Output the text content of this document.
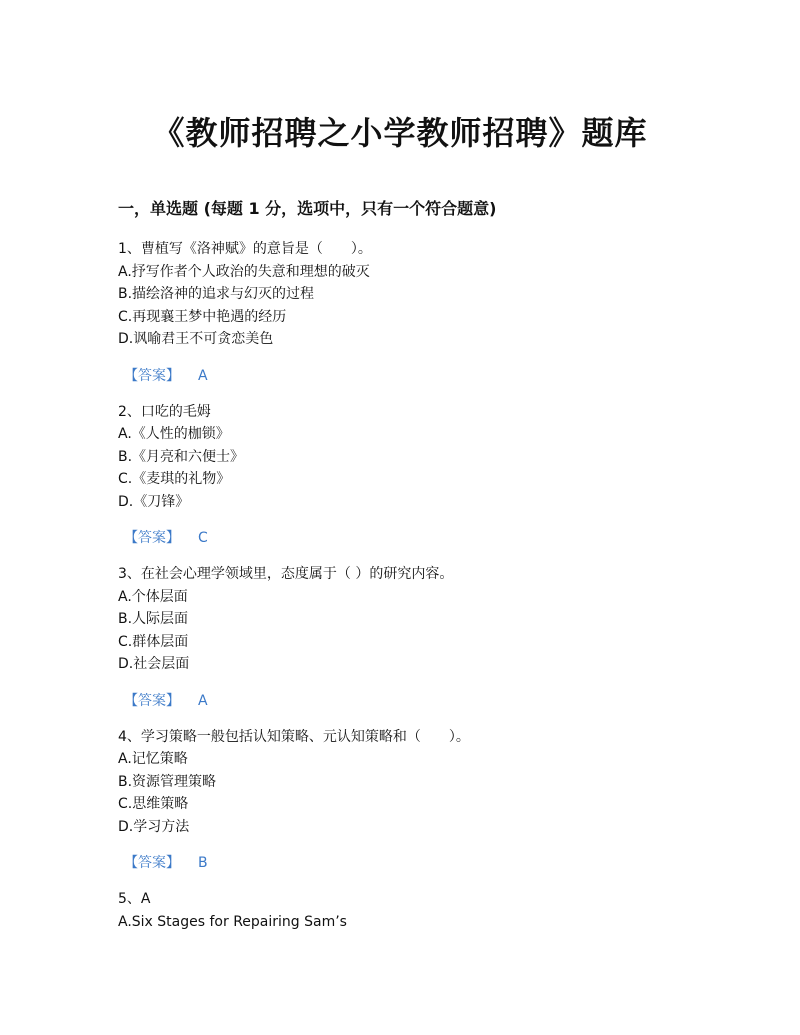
《教师招聘之小学教师招聘》题库
一，单选题 (每题 1 分，选项中，只有一个符合题意)
1、曹植写《洛神赋》的意旨是（　　）。
A.抒写作者个人政治的失意和理想的破灭
B.描绘洛神的追求与幻灭的过程
C.再现襄王梦中艳遇的经历
D.讽喻君王不可贪恋美色
【答案】 A
2、口吃的毛姆
A.《人性的枷锁》
B.《月亮和六便士》
C.《麦琪的礼物》
D.《刀锋》
【答案】 C
3、在社会心理学领域里，态度属于（ ）的研究内容。
A.个体层面
B.人际层面
C.群体层面
D.社会层面
【答案】 A
4、学习策略一般包括认知策略、元认知策略和（　　）。
A.记忆策略
B.资源管理策略
C.思维策略
D.学习方法
【答案】 B
5、A
A.Six Stages for Repairing Sam’s
